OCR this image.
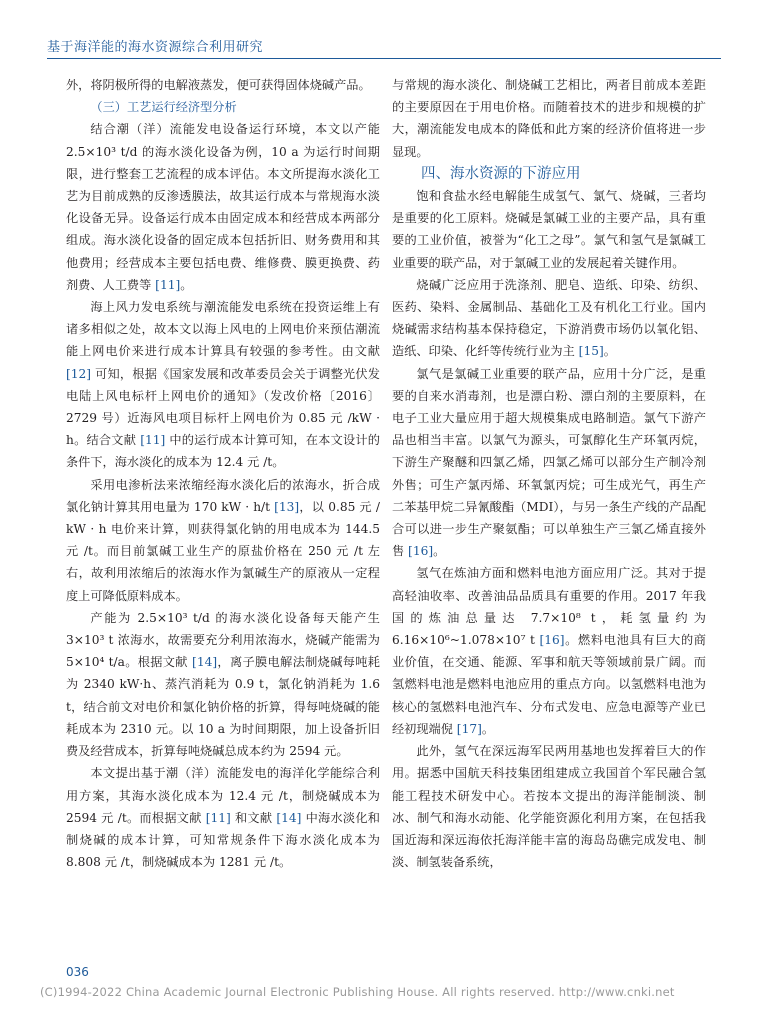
基于海洋能的海水资源综合利用研究

外，将阴极所得的电解液蒸发，便可获得固体烧碱产品。

（三）工艺运行经济型分析

结合潮（洋）流能发电设备运行环境，本文以产能 2.5×10³ t/d 的海水淡化设备为例，10 a 为运行时间期限，进行整套工艺流程的成本评估。本文所提海水淡化工艺为目前成熟的反渗透膜法，故其运行成本与常规海水淡化设备无异。设备运行成本由固定成本和经营成本两部分组成。海水淡化设备的固定成本包括折旧、财务费用和其他费用；经营成本主要包括电费、维修费、膜更换费、药剂费、人工费等 [11]。

海上风力发电系统与潮流能发电系统在投资运维上有诸多相似之处，故本文以海上风电的上网电价来预估潮流能上网电价来进行成本计算具有较强的参考性。由文献 [12] 可知，根据《国家发展和改革委员会关于调整光伏发电陆上风电标杆上网电价的通知》（发改价格〔2016〕2729 号）近海风电项目标杆上网电价为 0.85 元 /kW · h。结合文献 [11] 中的运行成本计算可知，在本文设计的条件下，海水淡化的成本为 12.4 元 /t。

采用电渗析法来浓缩经海水淡化后的浓海水，折合成氯化钠计算其用电量为 170 kW · h/t [13]，以 0.85 元 / kW · h 电价来计算，则获得氯化钠的用电成本为 144.5 元 /t。而目前氯碱工业生产的原盐价格在 250 元 /t 左右，故利用浓缩后的浓海水作为氯碱生产的原液从一定程度上可降低原料成本。

产能为 2.5×10³ t/d 的海水淡化设备每天能产生 3×10³ t 浓海水，故需要充分利用浓海水，烧碱产能需为 5×10⁴ t/a。根据文献 [14]，离子膜电解法制烧碱每吨耗为 2340 kW·h、蒸汽消耗为 0.9 t，氯化钠消耗为 1.6 t，结合前文对电价和氯化钠价格的折算，得每吨烧碱的能耗成本为 2310 元。以 10 a 为时间期限，加上设备折旧费及经营成本，折算每吨烧碱总成本约为 2594 元。

本文提出基于潮（洋）流能发电的海洋化学能综合利用方案，其海水淡化成本为 12.4 元 /t，制烧碱成本为 2594 元 /t。而根据文献 [11] 和文献 [14] 中海水淡化和制烧碱的成本计算，可知常规条件下海水淡化成本为 8.808 元 /t，制烧碱成本为 1281 元 /t。

与常规的海水淡化、制烧碱工艺相比，两者目前成本差距的主要原因在于用电价格。而随着技术的进步和规模的扩大，潮流能发电成本的降低和此方案的经济价值将进一步显现。

四、海水资源的下游应用

饱和食盐水经电解能生成氢气、氯气、烧碱，三者均是重要的化工原料。烧碱是氯碱工业的主要产品，具有重要的工业价值，被誉为“化工之母”。氯气和氢气是氯碱工业重要的联产品，对于氯碱工业的发展起着关键作用。

烧碱广泛应用于洗涤剂、肥皂、造纸、印染、纺织、医药、染料、金属制品、基础化工及有机化工行业。国内烧碱需求结构基本保持稳定，下游消费市场仍以氧化铝、造纸、印染、化纤等传统行业为主 [15]。

氯气是氯碱工业重要的联产品，应用十分广泛，是重要的自来水消毒剂，也是漂白粉、漂白剂的主要原料，在电子工业大量应用于超大规模集成电路制造。氯气下游产品也相当丰富。以氯气为源头，可氯醇化生产环氧丙烷，下游生产聚醚和四氯乙烯，四氯乙烯可以部分生产制冷剂外售；可生产氯丙烯、环氧氯丙烷；可生成光气，再生产二苯基甲烷二异氰酸酯（MDI），与另一条生产线的产品配合可以进一步生产聚氨酯；可以单独生产三氯乙烯直接外售 [16]。

氢气在炼油方面和燃料电池方面应用广泛。其对于提高轻油收率、改善油品品质具有重要的作用。2017 年我国的炼油总量达 7.7×10⁸ t，耗氢量约为 6.16×10⁶~1.078×10⁷ t [16]。燃料电池具有巨大的商业价值，在交通、能源、军事和航天等领域前景广阔。而氢燃料电池是燃料电池应用的重点方向。以氢燃料电池为核心的氢燃料电池汽车、分布式发电、应急电源等产业已经初现端倪 [17]。

此外，氢气在深远海军民两用基地也发挥着巨大的作用。据悉中国航天科技集团组建成立我国首个军民融合氢能工程技术研发中心。若按本文提出的海洋能制淡、制冰、制气和海水动能、化学能资源化利用方案，在包括我国近海和深远海依托海洋能丰富的海岛岛礁完成发电、制淡、制氢装备系统，

036
(C)1994-2022 China Academic Journal Electronic Publishing House. All rights reserved. http://www.cnki.net
